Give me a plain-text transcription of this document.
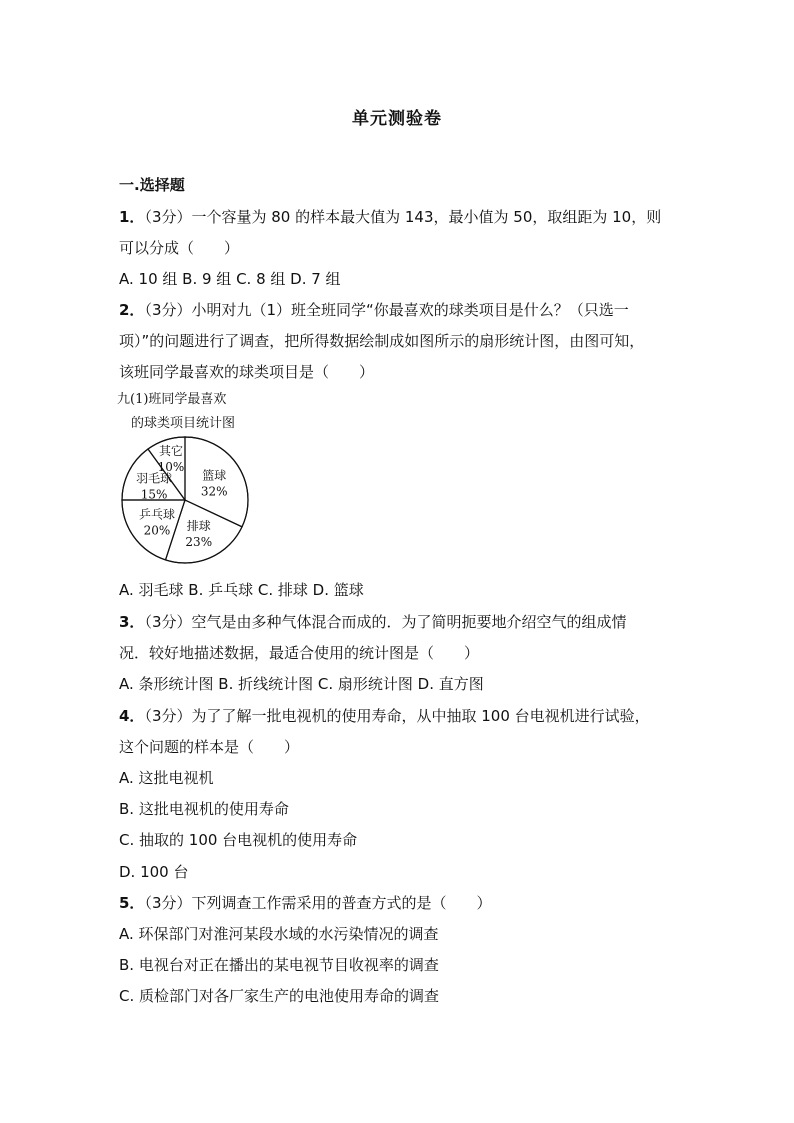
单元测验卷
一.选择题
1．（3分）一个容量为 80 的样本最大值为 143，最小值为 50，取组距为 10，则
可以分成（　　）
A. 10 组 B. 9 组 C. 8 组 D. 7 组
2．（3分）小明对九（1）班全班同学“你最喜欢的球类项目是什么？（只选一
项）”的问题进行了调查，把所得数据绘制成如图所示的扇形统计图，由图可知，
该班同学最喜欢的球类项目是（　　）
九(1)班同学最喜欢
的球类项目统计图
篮球
32%
排球
23%
乒乓球
20%
羽毛球
15%
其它
10%
A. 羽毛球 B. 乒乓球 C. 排球 D. 篮球
3．（3分）空气是由多种气体混合而成的．为了简明扼要地介绍空气的组成情
况．较好地描述数据，最适合使用的统计图是（　　）
A. 条形统计图 B. 折线统计图 C. 扇形统计图 D. 直方图
4．（3分）为了了解一批电视机的使用寿命，从中抽取 100 台电视机进行试验，
这个问题的样本是（　　）
A. 这批电视机
B. 这批电视机的使用寿命
C. 抽取的 100 台电视机的使用寿命
D. 100 台
5．（3分）下列调查工作需采用的普查方式的是（　　）
A. 环保部门对淮河某段水域的水污染情况的调查
B. 电视台对正在播出的某电视节目收视率的调查
C. 质检部门对各厂家生产的电池使用寿命的调查
